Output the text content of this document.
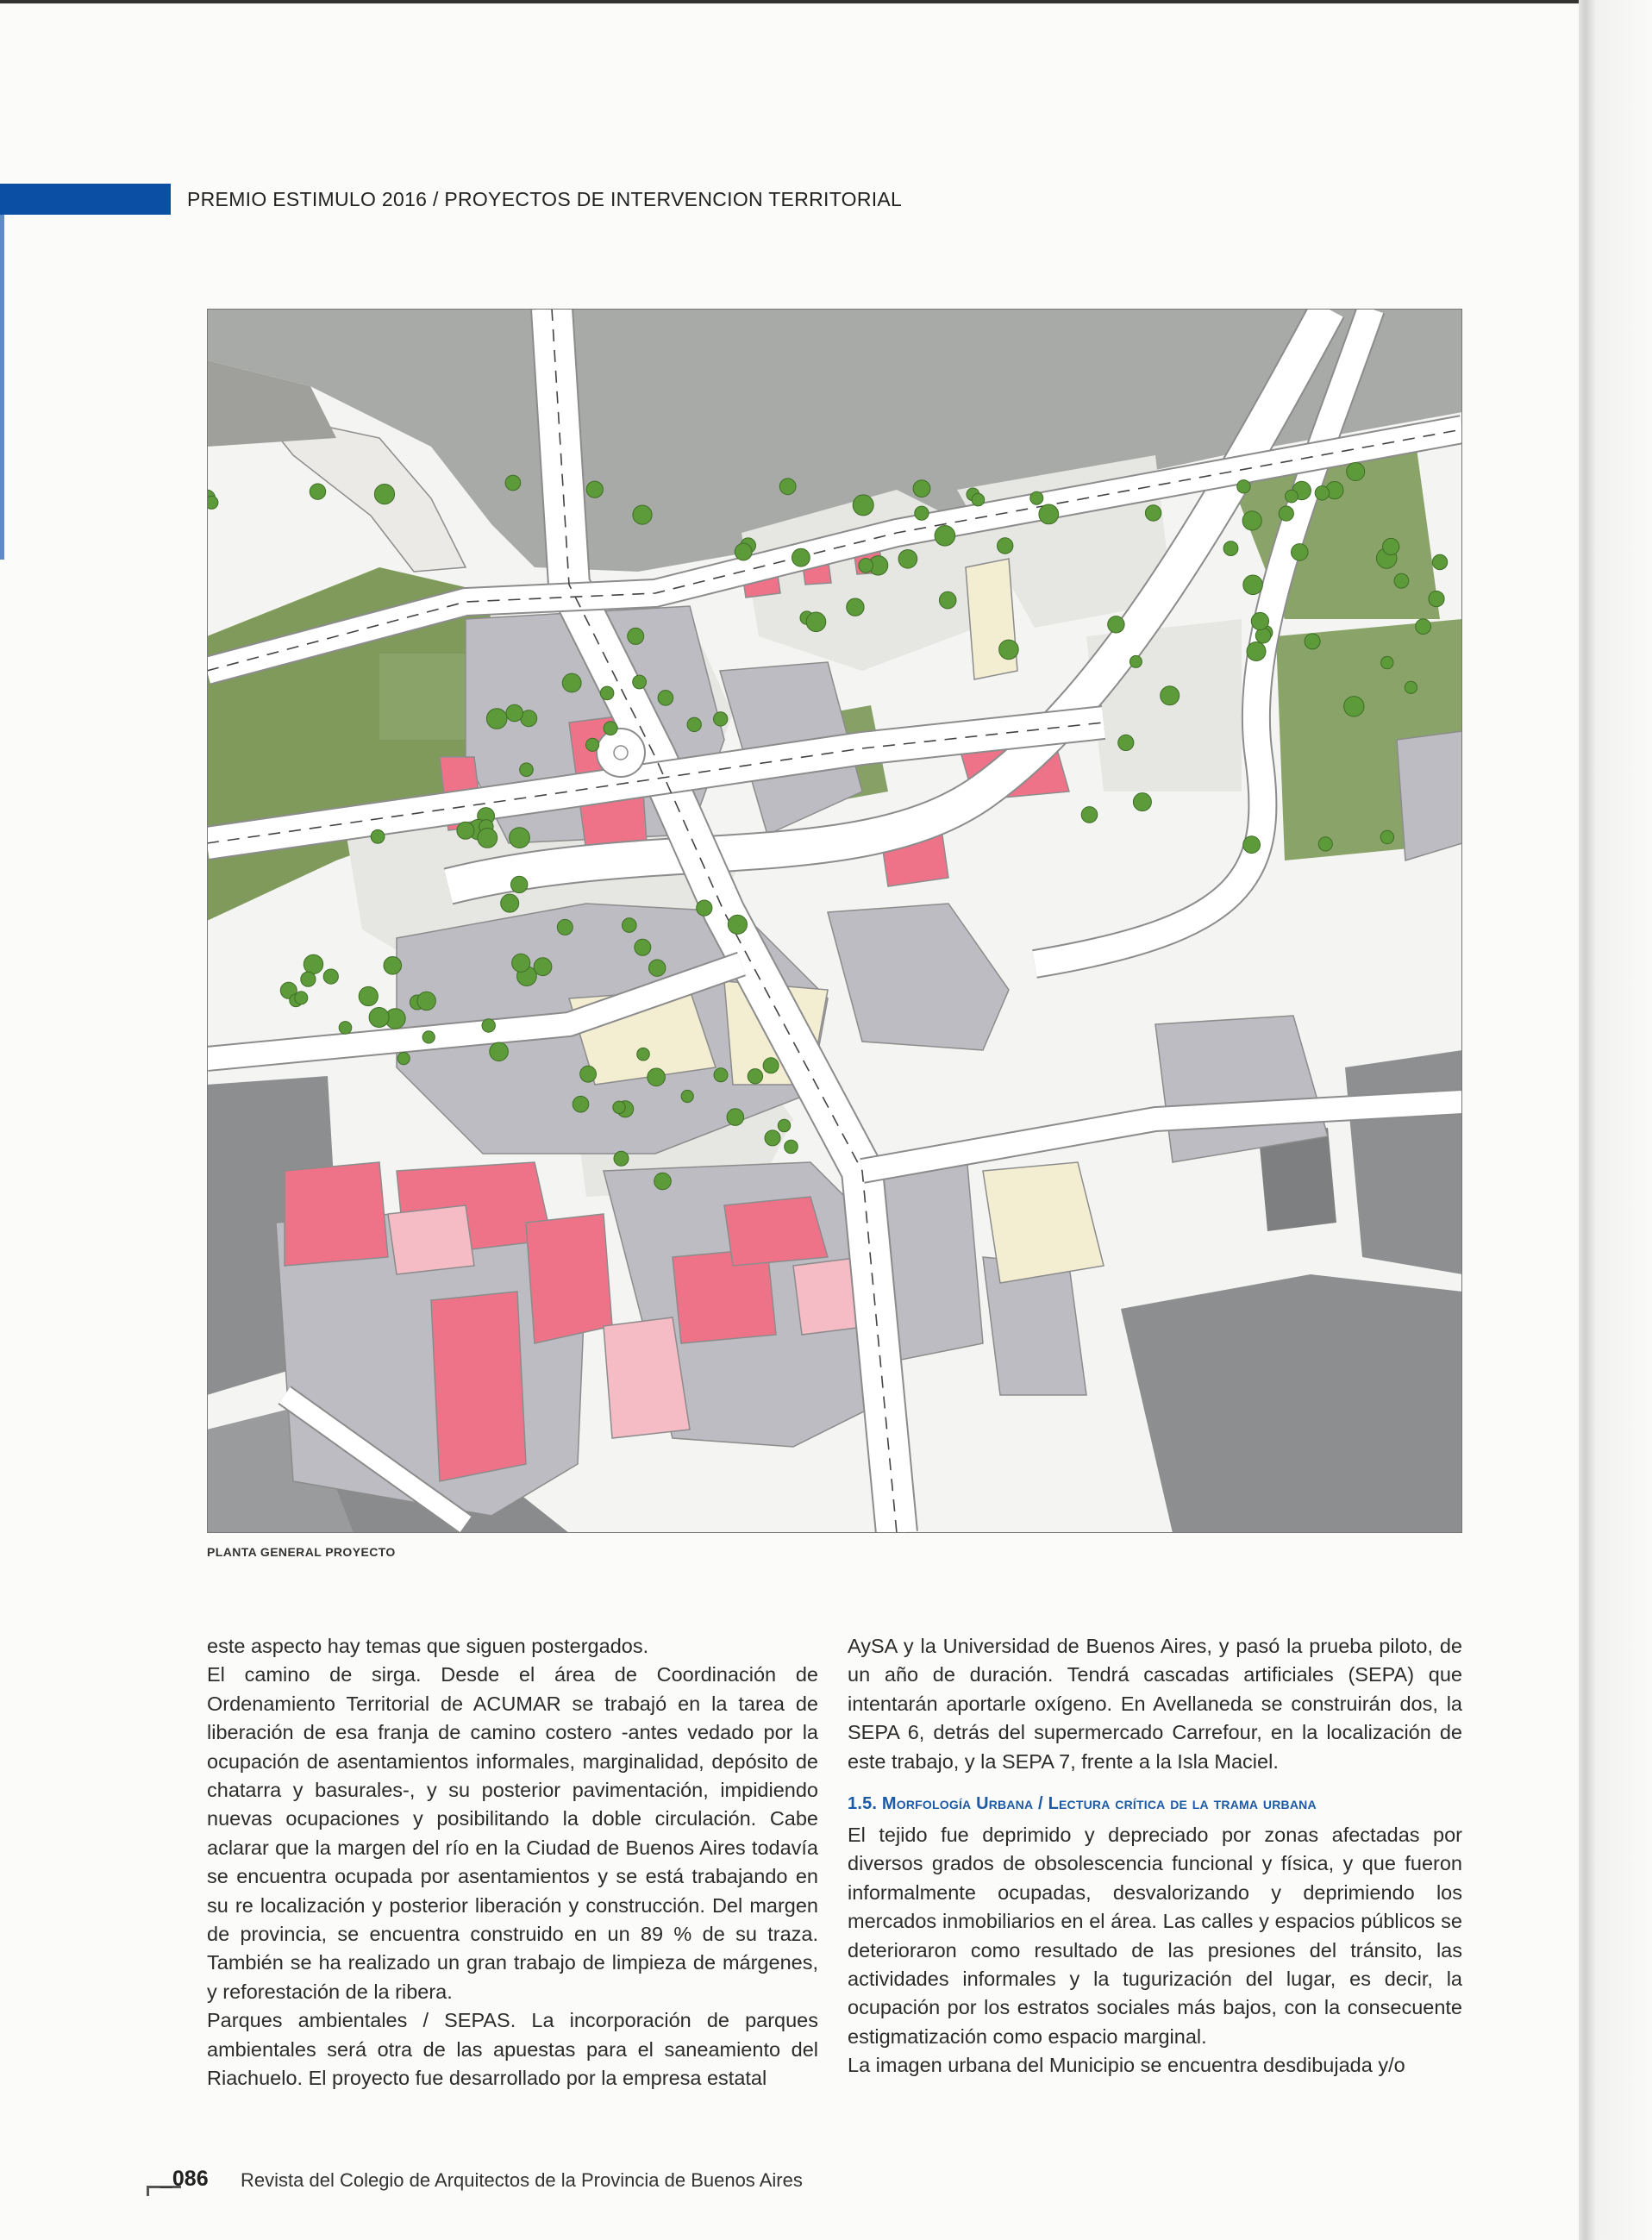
PREMIO ESTIMULO 2016 / PROYECTOS DE INTERVENCION TERRITORIAL
PLANTA GENERAL PROYECTO

este aspecto hay temas que siguen postergados.

El camino de sirga. Desde el área de Coordinación de Ordenamiento Territorial de ACUMAR se trabajó en la tarea de liberación de esa franja de camino costero -antes vedado por la ocupación de asentamientos informales, marginalidad, depósito de chatarra y basurales-, y su posterior pavimentación, impidiendo nuevas ocupaciones y posibilitando la doble circulación. Cabe aclarar que la margen del río en la Ciudad de Buenos Aires todavía se encuentra ocupada por asentamientos y se está trabajando en su re localización y posterior liberación y construcción. Del margen de provincia, se encuentra construido en un 89 % de su traza. También se ha realizado un gran trabajo de limpieza de márgenes, y reforestación de la ribera.

Parques ambientales / SEPAS. La incorporación de parques ambientales será otra de las apuestas para el saneamiento del Riachuelo. El proyecto fue desarrollado por la empresa estatal

AySA y la Universidad de Buenos Aires, y pasó la prueba piloto, de un año de duración. Tendrá cascadas artificiales (SEPA) que intentarán aportarle oxígeno. En Avellaneda se construirán dos, la SEPA 6, detrás del supermercado Carrefour, en la localización de este trabajo, y la SEPA 7, frente a la Isla Maciel.

1.5. Morfología Urbana / Lectura crítica de la trama urbana

El tejido fue deprimido y depreciado por zonas afectadas por diversos grados de obsolescencia funcional y física, y que fueron informalmente ocupadas, desvalorizando y deprimiendo los mercados inmobiliarios en el área. Las calles y espacios públicos se deterioraron como resultado de las presiones del tránsito, las actividades informales y la tugurización del lugar, es decir, la ocupación por los estratos sociales más bajos, con la consecuente estigmatización como espacio marginal.

La imagen urbana del Municipio se encuentra desdibujada y/o

_086 Revista del Colegio de Arquitectos de la Provincia de Buenos Aires
